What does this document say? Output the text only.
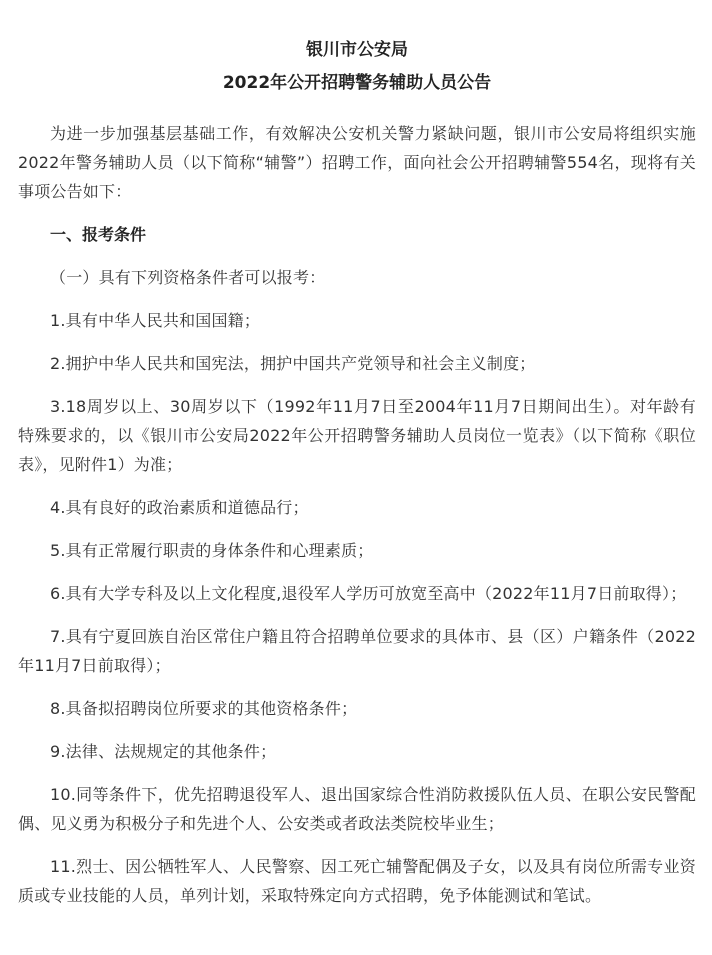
银川市公安局

2022年公开招聘警务辅助人员公告

为进一步加强基层基础工作，有效解决公安机关警力紧缺问题，银川市公安局将组织实施2022年警务辅助人员（以下简称“辅警”）招聘工作，面向社会公开招聘辅警554名，现将有关事项公告如下：

一、报考条件

（一）具有下列资格条件者可以报考：

1.具有中华人民共和国国籍；

2.拥护中华人民共和国宪法，拥护中国共产党领导和社会主义制度；

3.18周岁以上、30周岁以下（1992年11月7日至2004年11月7日期间出生）。对年龄有特殊要求的，以《银川市公安局2022年公开招聘警务辅助人员岗位一览表》（以下简称《职位表》，见附件1）为准；

4.具有良好的政治素质和道德品行；

5.具有正常履行职责的身体条件和心理素质；

6.具有大学专科及以上文化程度,退役军人学历可放宽至高中（2022年11月7日前取得）；

7.具有宁夏回族自治区常住户籍且符合招聘单位要求的具体市、县（区）户籍条件（2022年11月7日前取得）；

8.具备拟招聘岗位所要求的其他资格条件；

9.法律、法规规定的其他条件；

10.同等条件下，优先招聘退役军人、退出国家综合性消防救援队伍人员、在职公安民警配偶、见义勇为积极分子和先进个人、公安类或者政法类院校毕业生；

11.烈士、因公牺牲军人、人民警察、因工死亡辅警配偶及子女，以及具有岗位所需专业资质或专业技能的人员，单列计划，采取特殊定向方式招聘，免予体能测试和笔试。
